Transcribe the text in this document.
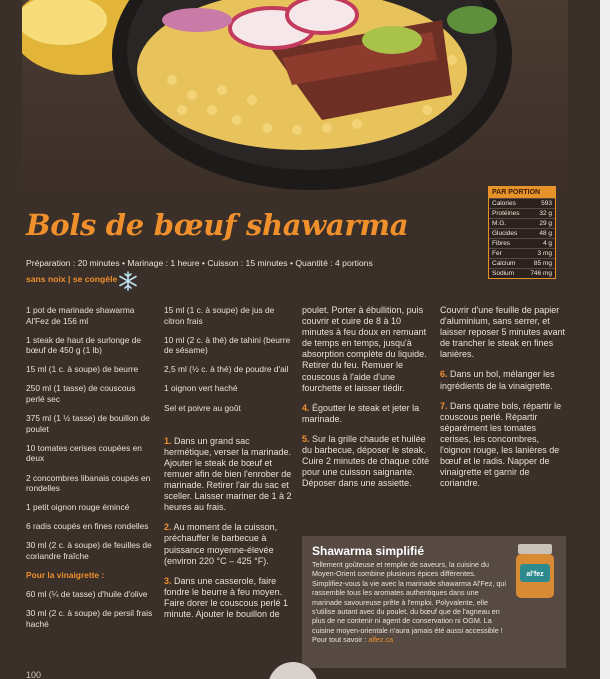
PAR PORTION
Calories	593
Protéines	32 g
M.G.	29 g
Glucides	48 g
Fibres	4 g
Fer	3 mg
Calcium	85 mg
Sodium	746 mg
Bols de bœuf shawarma
Préparation : 20 minutes • Marinage : 1 heure • Cuisson : 15 minutes • Quantité : 4 portions
sans noix | se congèle
1 pot de marinade shawarma Al'Fez de 156 ml
1 steak de haut de surlonge de bœuf de 450 g (1 lb)
15 ml (1 c. à soupe) de beurre
250 ml (1 tasse) de couscous perlé sec
375 ml (1 ½ tasse) de bouillon de poulet
10 tomates cerises coupées en deux
2 concombres libanais coupés en rondelles
1 petit oignon rouge émincé
6 radis coupés en fines rondelles
30 ml (2 c. à soupe) de feuilles de coriandre fraîche
Pour la vinaigrette :
60 ml (¼ de tasse) d'huile d'olive
30 ml (2 c. à soupe) de persil frais haché
15 ml (1 c. à soupe) de jus de citron frais
10 ml (2 c. à thé) de tahini (beurre de sésame)
2,5 ml (½ c. à thé) de poudre d'ail
1 oignon vert haché
Sel et poivre au goût
1. Dans un grand sac hermétique, verser la marinade. Ajouter le steak de bœuf et remuer afin de bien l'enrober de marinade. Retirer l'air du sac et sceller. Laisser mariner de 1 à 2 heures au frais.
2. Au moment de la cuisson, préchauffer le barbecue à puissance moyenne-élevée (environ 220 °C – 425 °F).
3. Dans une casserole, faire fondre le beurre à feu moyen. Faire dorer le couscous perlé 1 minute. Ajouter le bouillon de
poulet. Porter à ébullition, puis couvrir et cuire de 8 à 10 minutes à feu doux en remuant de temps en temps, jusqu'à absorption complète du liquide. Retirer du feu. Remuer le couscous à l'aide d'une fourchette et laisser tiédir.
4. Égoutter le steak et jeter la marinade.
5. Sur la grille chaude et huilée du barbecue, déposer le steak. Cuire 2 minutes de chaque côté pour une cuisson saignante. Déposer dans une assiette.
Couvrir d'une feuille de papier d'aluminium, sans serrer, et laisser reposer 5 minutes avant de trancher le steak en fines lanières.
6. Dans un bol, mélanger les ingrédients de la vinaigrette.
7. Dans quatre bols, répartir le couscous perlé. Répartir séparément les tomates cerises, les concombres, l'oignon rouge, les lanières de bœuf et le radis. Napper de vinaigrette et garnir de coriandre.
Shawarma simplifié
Tellement goûteuse et remplie de saveurs, la cuisine du Moyen-Orient combine plusieurs épices différentes. Simplifiez-vous la vie avec la marinade shawarma Al'Fez, qui rassemble tous les aromates authentiques dans une marinade savoureuse prête à l'emploi. Polyvalente, elle s'utilise autant avec du poulet, du bœuf que de l'agneau en plus de ne contenir ni agent de conservation ni OGM. La cuisine moyen-orientale n'aura jamais été aussi accessible !
Pour tout savoir : alfez.ca
al'fez
100
